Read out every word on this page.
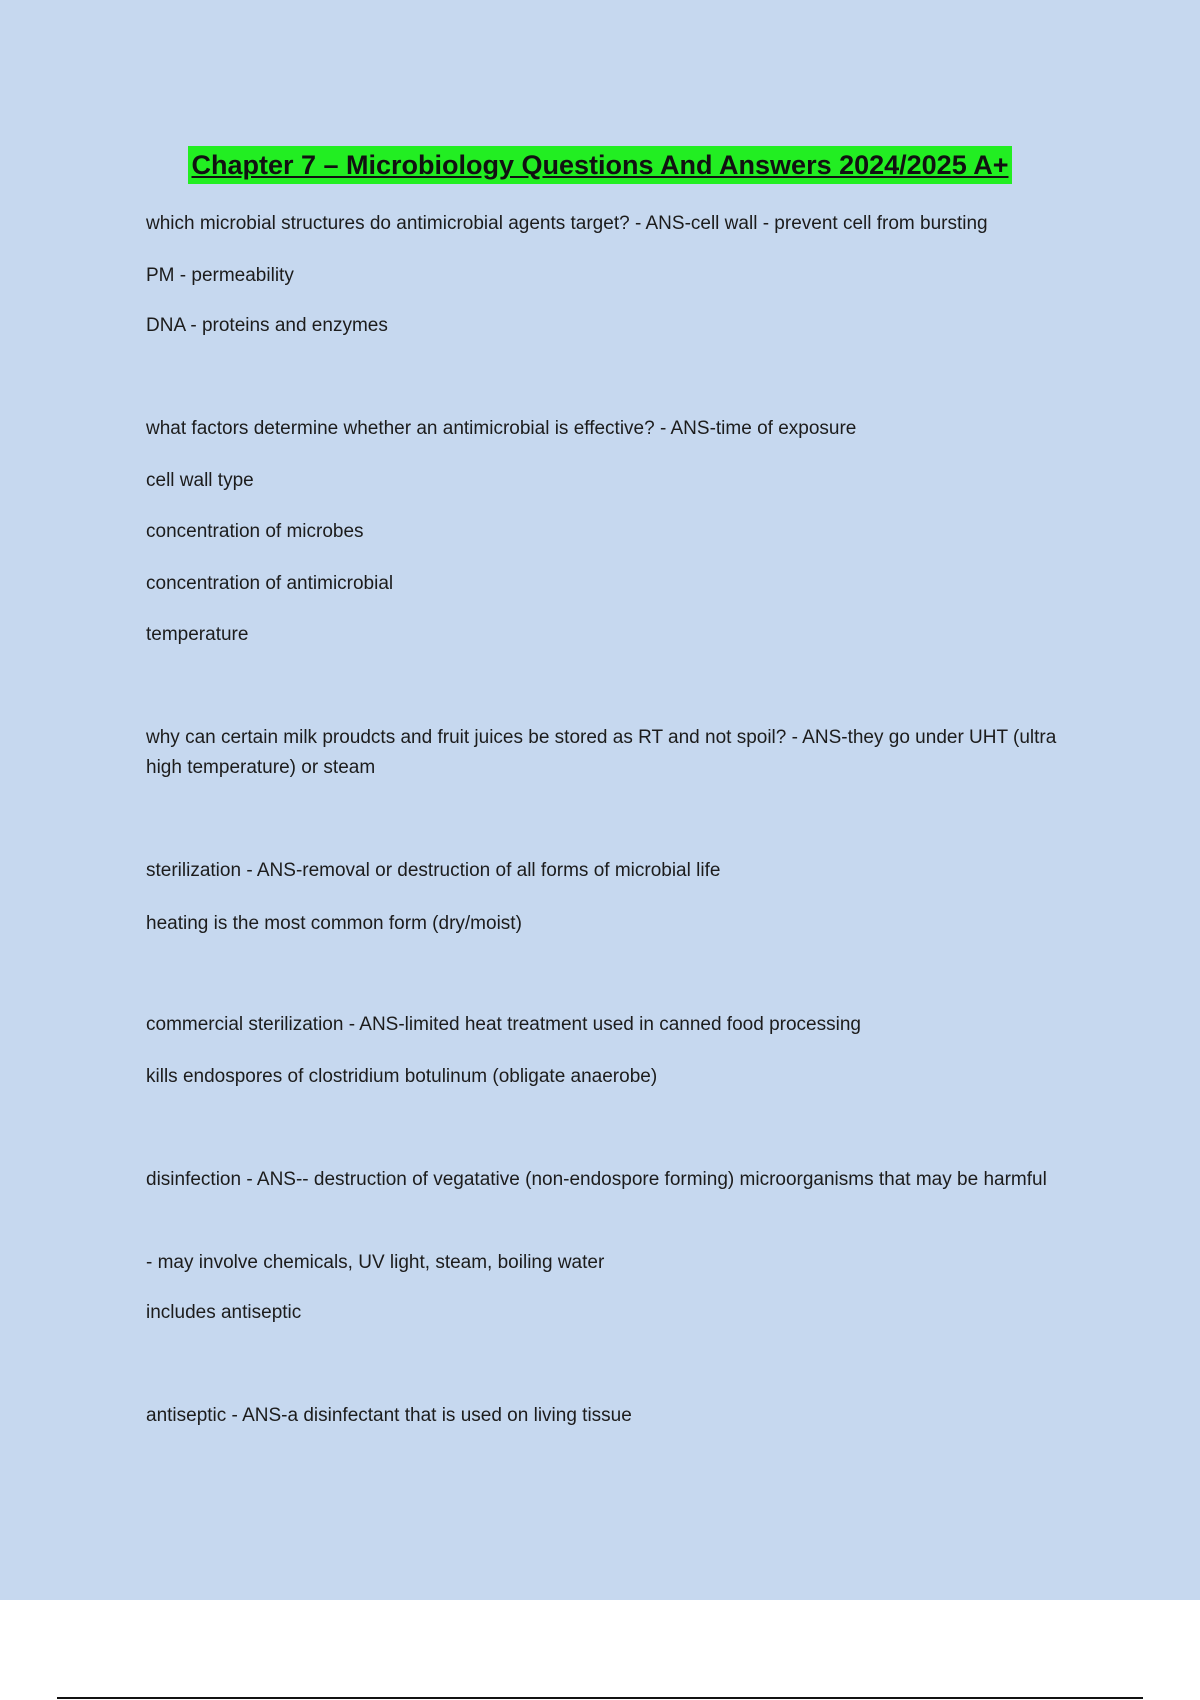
Chapter 7 – Microbiology Questions And Answers 2024/2025 A+
which microbial structures do antimicrobial agents target? - ANS-cell wall - prevent cell from bursting
PM - permeability
DNA - proteins and enzymes
what factors determine whether an antimicrobial is effective? - ANS-time of exposure
cell wall type
concentration of microbes
concentration of antimicrobial
temperature
why can certain milk proudcts and fruit juices be stored as RT and not spoil? - ANS-they go under UHT (ultra high temperature) or steam
sterilization - ANS-removal or destruction of all forms of microbial life
heating is the most common form (dry/moist)
commercial sterilization - ANS-limited heat treatment used in canned food processing
kills endospores of clostridium botulinum (obligate anaerobe)
disinfection - ANS-- destruction of vegatative (non-endospore forming) microorganisms that may be harmful
- may involve chemicals, UV light, steam, boiling water
includes antiseptic
antiseptic - ANS-a disinfectant that is used on living tissue
